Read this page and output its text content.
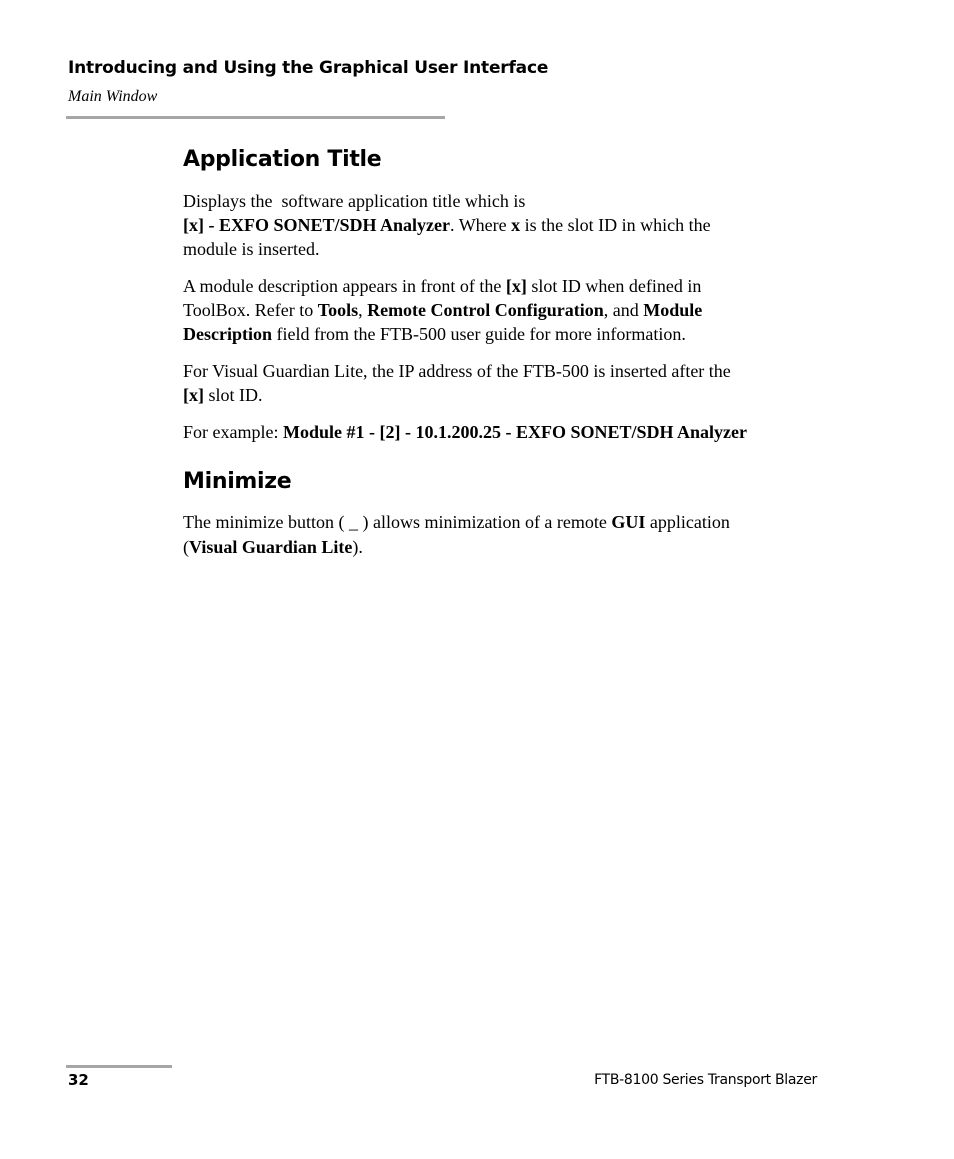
Introducing and Using the Graphical User Interface
Main Window
Application Title
Displays the  software application title which is
[x] - EXFO SONET/SDH Analyzer. Where x is the slot ID in which the
module is inserted.
A module description appears in front of the [x] slot ID when defined in
ToolBox. Refer to Tools, Remote Control Configuration, and Module
Description field from the FTB-500 user guide for more information.
For Visual Guardian Lite, the IP address of the FTB-500 is inserted after the
[x] slot ID.
For example: Module #1 - [2] - 10.1.200.25 - EXFO SONET/SDH Analyzer
Minimize
The minimize button ( _ ) allows minimization of a remote GUI application
(Visual Guardian Lite).
32	FTB-8100 Series Transport Blazer
